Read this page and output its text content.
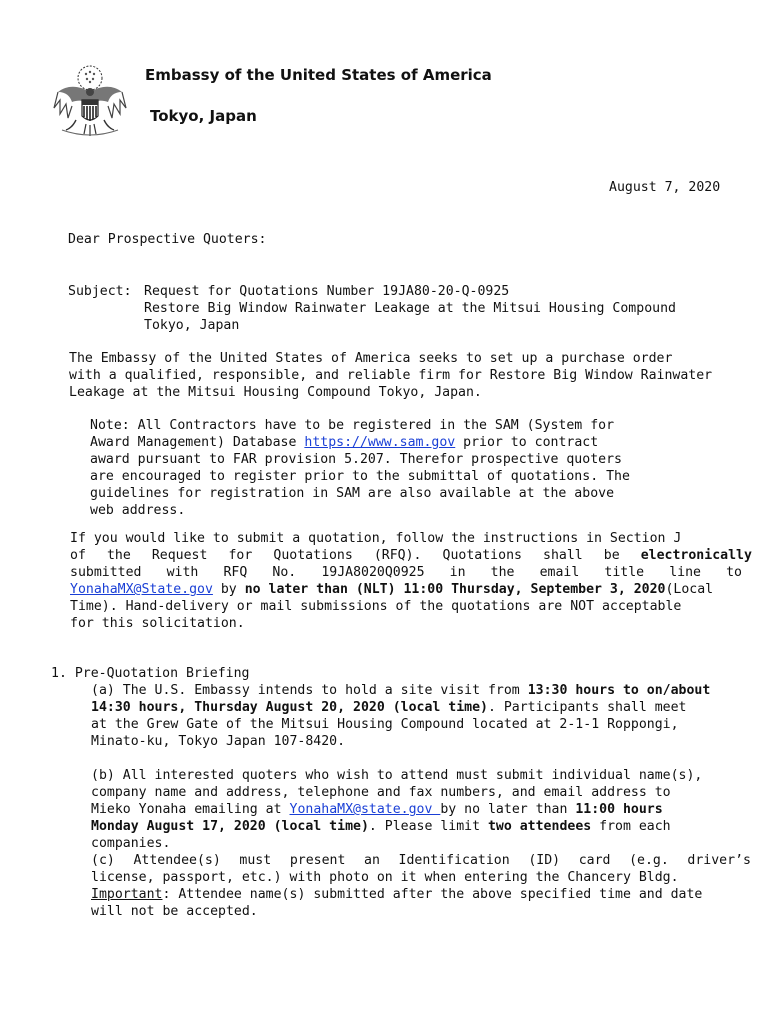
Embassy of the United States of America
Tokyo, Japan
August 7, 2020
Dear Prospective Quoters:
Subject: Request for Quotations Number 19JA80-20-Q-0925

Restore Big Window Rainwater Leakage at the Mitsui Housing Compound

Tokyo, Japan

The Embassy of the United States of America seeks to set up a purchase order

with a qualified, responsible, and reliable firm for Restore Big Window Rainwater

Leakage at the Mitsui Housing Compound Tokyo, Japan.

Note: All Contractors have to be registered in the SAM (System for

Award Management) Database https://www.sam.gov prior to contract

award pursuant to FAR provision 5.207. Therefor prospective quoters

are encouraged to register prior to the submittal of quotations. The

guidelines for registration in SAM are also available at the above

web address.

If you would like to submit a quotation, follow the instructions in Section J

of the Request for Quotations (RFQ). Quotations shall be electronically
submitted with RFQ No. 19JA8020Q0925 in the email title line to

YonahaMX@State.gov by no later than (NLT) 11:00 Thursday, September 3, 2020(Local

Time). Hand-delivery or mail submissions of the quotations are NOT acceptable

for this solicitation.

1. Pre-Quotation Briefing

(a) The U.S. Embassy intends to hold a site visit from 13:30 hours to on/about

14:30 hours, Thursday August 20, 2020 (local time). Participants shall meet

at the Grew Gate of the Mitsui Housing Compound located at 2-1-1 Roppongi,

Minato-ku, Tokyo Japan 107-8420.

(b) All interested quoters who wish to attend must submit individual name(s),

company name and address, telephone and fax numbers, and email address to

Mieko Yonaha emailing at YonahaMX@state.gov by no later than 11:00 hours

Monday August 17, 2020 (local time). Please limit two attendees from each

companies.

(c) Attendee(s) must present an Identification (ID) card (e.g. driver’s

license, passport, etc.) with photo on it when entering the Chancery Bldg.

Important: Attendee name(s) submitted after the above specified time and date

will not be accepted.
